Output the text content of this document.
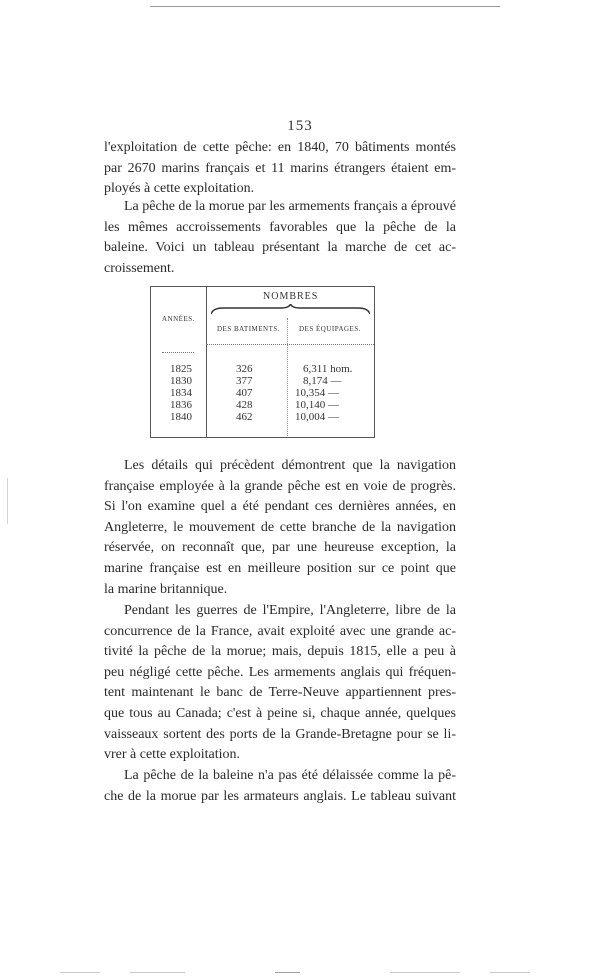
153
l'exploitation de cette pêche: en 1840, 70 bâtiments montés
par 2670 marins français et 11 marins étrangers étaient em-
ployés à cette exploitation.
La pêche de la morue par les armements français a éprouvé
les mêmes accroissements favorables que la pêche de la
baleine. Voici un tableau présentant la marche de cet ac-
croissement.
ANNÉES.
NOMBRES
DES BATIMENTS.	DES ÉQUIPAGES.
1825	326	6,311 hom.
1830	377	8,174 —
1834	407	10,354 —
1836	428	10,140 —
1840	462	10,004 —
Les détails qui précèdent démontrent que la navigation
française employée à la grande pêche est en voie de progrès.
Si l'on examine quel a été pendant ces dernières années, en
Angleterre, le mouvement de cette branche de la navigation
réservée, on reconnaît que, par une heureuse exception, la
marine française est en meilleure position sur ce point que
la marine britannique.
Pendant les guerres de l'Empire, l'Angleterre, libre de la
concurrence de la France, avait exploité avec une grande ac-
tivité la pêche de la morue; mais, depuis 1815, elle a peu à
peu négligé cette pêche. Les armements anglais qui fréquen-
tent maintenant le banc de Terre-Neuve appartiennent pres-
que tous au Canada; c'est à peine si, chaque année, quelques
vaisseaux sortent des ports de la Grande-Bretagne pour se li-
vrer à cette exploitation.
La pêche de la baleine n'a pas été délaissée comme la pê-
che de la morue par les armateurs anglais. Le tableau suivant
